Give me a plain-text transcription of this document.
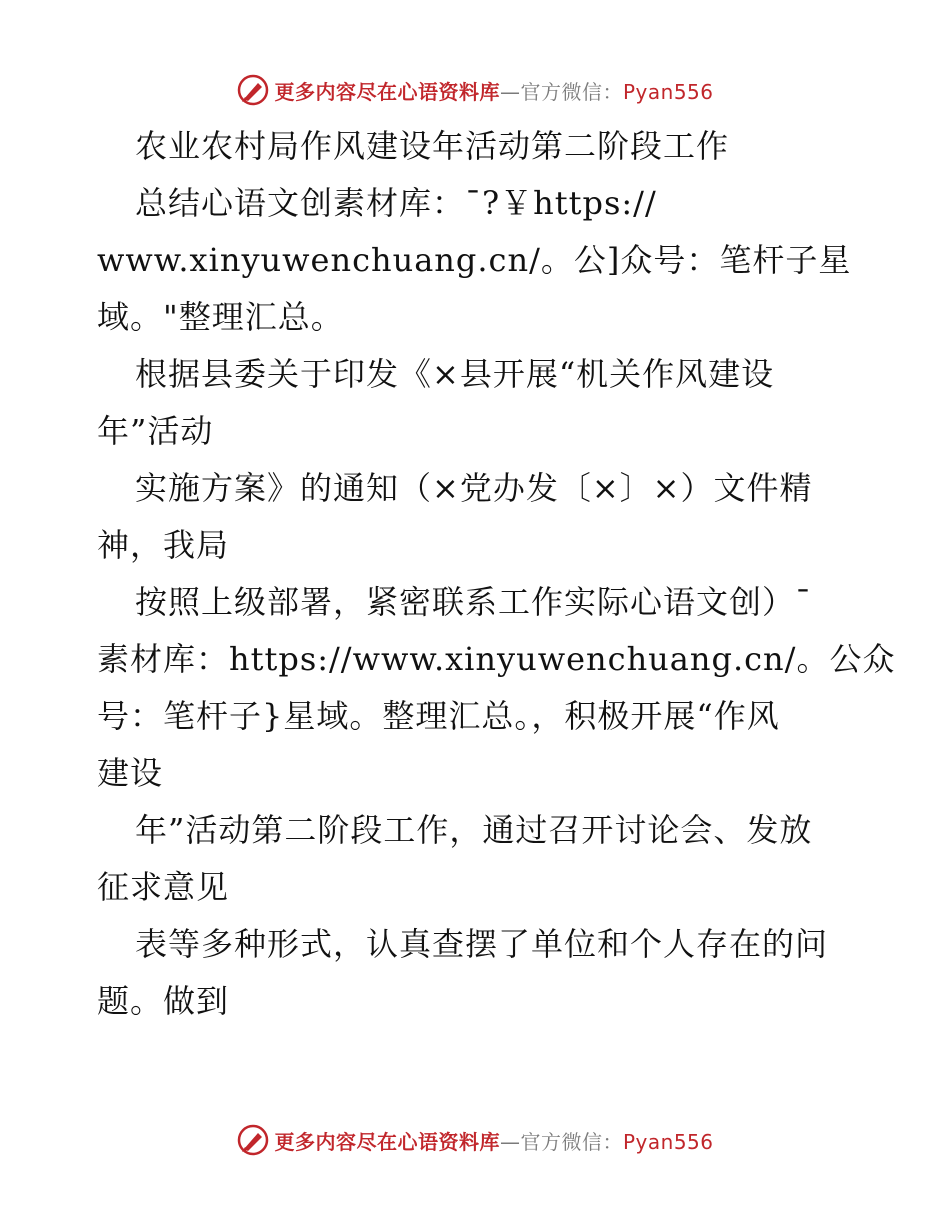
更多内容尽在心语资料库—官方微信：Pyan556
农业农村局作风建设年活动第二阶段工作
总结心语文创素材库：¯?￥https://
www.xinyuwenchuang.cn/。公]众号：笔杆子星
域。"整理汇总。
根据县委关于印发《×县开展“机关作风建设
年”活动
实施方案》的通知（×党办发〔×〕×）文件精
神，我局
按照上级部署，紧密联系工作实际心语文创）¯
素材库：https://www.xinyuwenchuang.cn/。公众
号：笔杆子}星域。整理汇总。，积极开展“作风
建设
年”活动第二阶段工作，通过召开讨论会、发放
征求意见
表等多种形式，认真查摆了单位和个人存在的问
题。做到
更多内容尽在心语资料库—官方微信：Pyan556
